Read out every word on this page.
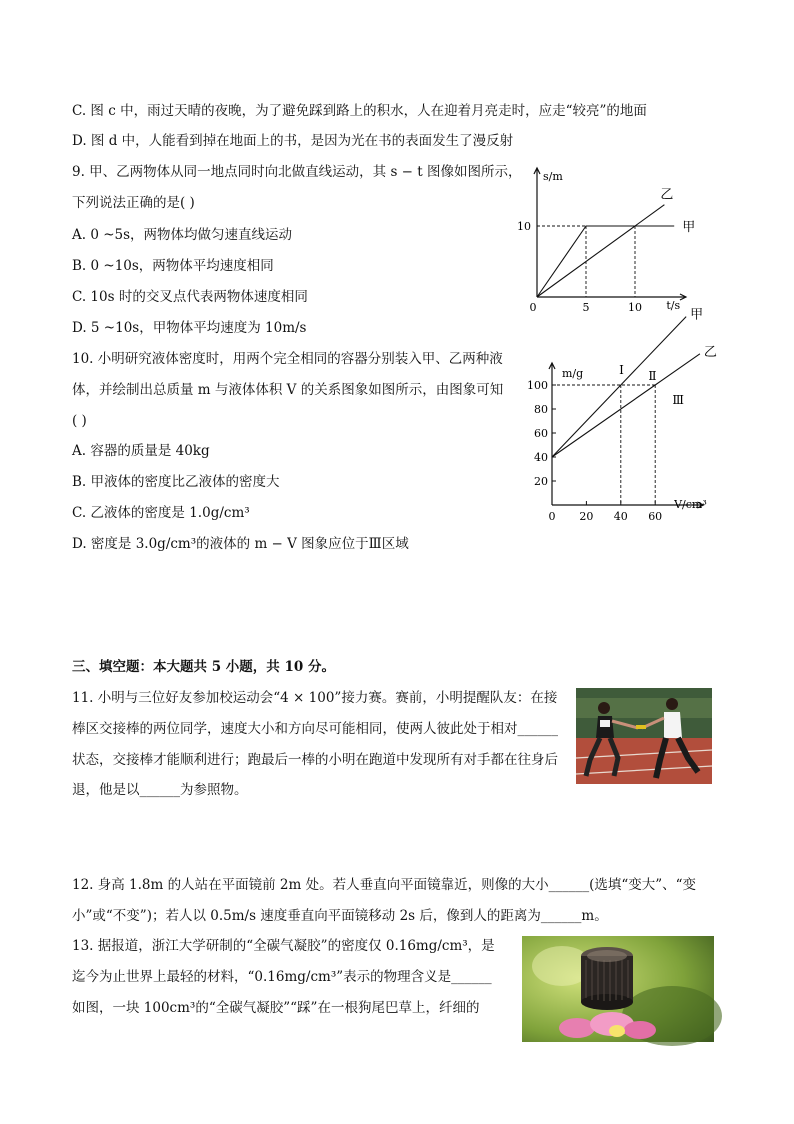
C. 图 c 中，雨过天晴的夜晚，为了避免踩到路上的积水，人在迎着月亮走时，应走“较亮”的地面
D. 图 d 中，人能看到掉在地面上的书，是因为光在书的表面发生了漫反射
9. 甲、乙两物体从同一地点同时向北做直线运动，其 s − t 图像如图所示，
下列说法正确的是( )
A. 0 ~5s，两物体均做匀速直线运动
B. 0 ~10s，两物体平均速度相同
C. 10s 时的交叉点代表两物体速度相同
D. 5 ~10s，甲物体平均速度为 10m/s
甲
乙
0	5	10
10
t/s
s/m
10. 小明研究液体密度时，用两个完全相同的容器分别装入甲、乙两种液
体，并绘制出总质量 m 与液体体积 V 的关系图象如图所示，由图象可知
( )
A. 容器的质量是 40kg
B. 甲液体的密度比乙液体的密度大
C. 乙液体的密度是 1.0g/cm³
D. 密度是 3.0g/cm³的液体的 m − V 图象应位于Ⅲ区域
20
40
60
80
100
0 20 40 60
甲
乙
Ⅰ Ⅱ
Ⅲ
V/cm³
m/g
三、填空题：本大题共 5 小题，共 10 分。
11. 小明与三位好友参加校运动会“4 × 100”接力赛。赛前，小明提醒队友：在接
棒区交接棒的两位同学，速度大小和方向尽可能相同，使两人彼此处于相对______
状态，交接棒才能顺利进行；跑最后一棒的小明在跑道中发现所有对手都在往身后
退，他是以______为参照物。
12. 身高 1.8m 的人站在平面镜前 2m 处。若人垂直向平面镜靠近，则像的大小______(选填“变大”、“变
小”或“不变”)；若人以 0.5m/s 速度垂直向平面镜移动 2s 后，像到人的距离为______m。
13. 据报道，浙江大学研制的“全碳气凝胶”的密度仅 0.16mg/cm³，是
迄今为止世界上最轻的材料，“0.16mg/cm³”表示的物理含义是______
如图，一块 100cm³的“全碳气凝胶”“踩”在一根狗尾巴草上，纤细的
